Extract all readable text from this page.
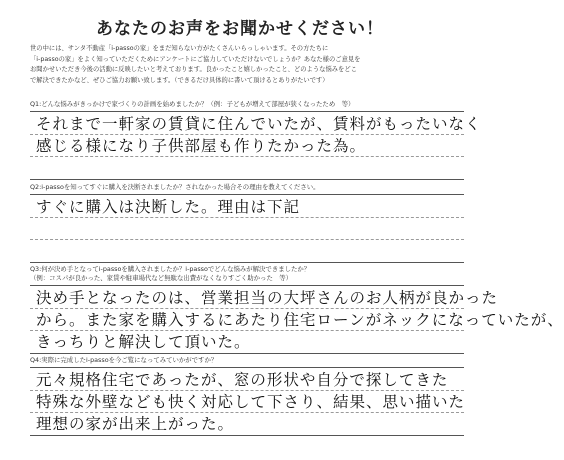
あなたのお声をお聞かせください！
世の中には、サンタ不動産「i-passoの家」をまだ知らない方がたくさんいらっしゃいます。その方たちに
「i-passoの家」をよく知っていただくためにアンケートにご協力していただけないでしょうか？あなた様のご意見を
お聞かせいただき今後の活動に反映したいと考えております。良かったこと嬉しかったこと、どのような悩みをどこ
で解決できたかなど、ぜひご協力お願い致します。（できるだけ具体的に書いて頂けるとありがたいです）
Q1:どんな悩みがきっかけで家づくりの計画を始めましたか？（例：子どもが増えて部屋が狭くなったため　等）
それまで一軒家の賃貸に住んでいたが、賃料がもったいなく
感じる様になり子供部屋も作りたかった為。
Q2:i-passoを知ってすぐに購入を決断されましたか？されなかった場合その理由を教えてください。
すぐに購入は決断した。理由は下記
Q3:何が決め手となってi-passoを購入されましたか？i-passoでどんな悩みが解決できましたか？
（例：コスパが良かった、家賃や駐車場代など無駄な出費がなくなりすごく助かった　等）
決め手となったのは、営業担当の大坪さんのお人柄が良かった
から。また家を購入するにあたり住宅ローンがネックになっていたが、
きっちりと解決して頂いた。
Q4:実際に完成したi-passoを今ご覧になってみていかがですか？
元々規格住宅であったが、窓の形状や自分で探してきた
特殊な外壁なども快く対応して下さり、結果、思い描いた
理想の家が出来上がった。
